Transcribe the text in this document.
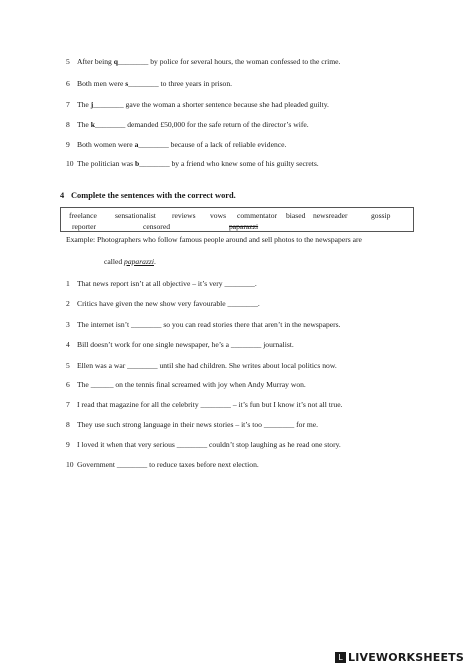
5 After being q________ by police for several hours, the woman confessed to the crime.
6 Both men were s________ to three years in prison.
7 The j________ gave the woman a shorter sentence because she had pleaded guilty.
8 The k________ demanded £50,000 for the safe return of the director’s wife.
9 Both women were a________ because of a lack of reliable evidence.
10 The politician was b________ by a friend who knew some of his guilty secrets.
4 Complete the sentences with the correct word.
freelance sensationalist reviews vows commentator biased newsreader	gossip
reporter	censored	paparazzi
Example: Photographers who follow famous people around and sell photos to the newspapers are
called paparazzi.
1 That news report isn’t at all objective – it’s very ________.
2 Critics have given the new show very favourable ________.
3 The internet isn’t ________ so you can read stories there that aren’t in the newspapers.
4 Bill doesn’t work for one single newspaper, he’s a ________ journalist.
5 Ellen was a war ________ until she had children. She writes about local politics now.
6 The ______ on the tennis final screamed with joy when Andy Murray won.
7 I read that magazine for all the celebrity ________ – it’s fun but I know it’s not all true.
8 They use such strong language in their news stories – it’s too ________ for me.
9 I loved it when that very serious ________ couldn’t stop laughing as he read one story.
10 Government ________ to reduce taxes before next election.
L LIVEWORKSHEETS
